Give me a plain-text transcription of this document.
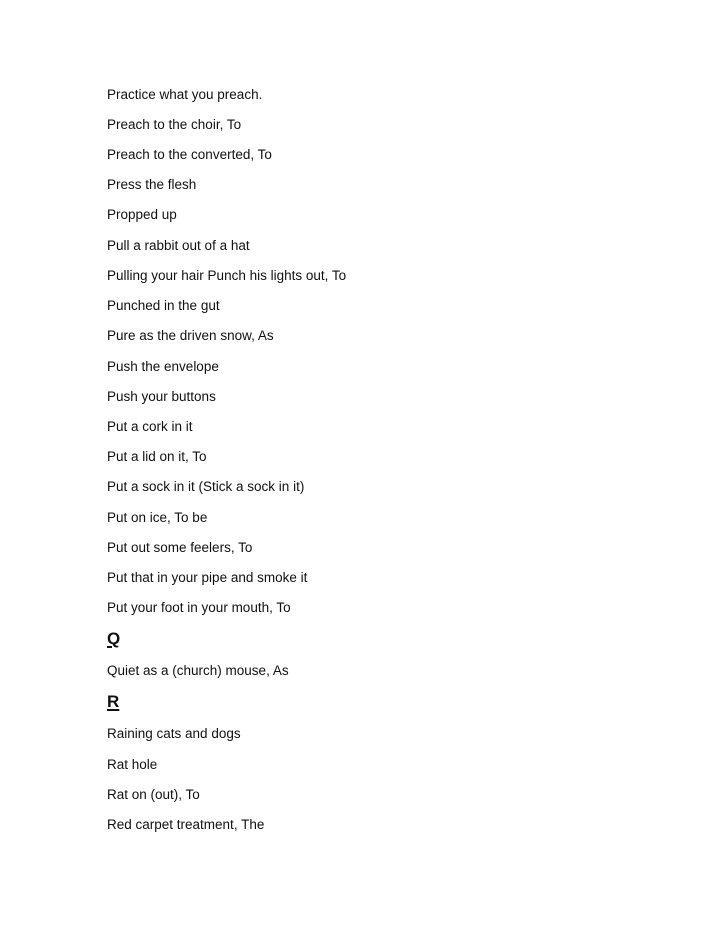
Practice what you preach.
Preach to the choir, To
Preach to the converted, To
Press the flesh
Propped up
Pull a rabbit out of a hat
Pulling your hair Punch his lights out, To
Punched in the gut
Pure as the driven snow, As
Push the envelope
Push your buttons
Put a cork in it
Put a lid on it, To
Put a sock in it (Stick a sock in it)
Put on ice, To be
Put out some feelers, To
Put that in your pipe and smoke it
Put your foot in your mouth, To
Q
Quiet as a (church) mouse, As
R
Raining cats and dogs
Rat hole
Rat on (out), To
Red carpet treatment, The
